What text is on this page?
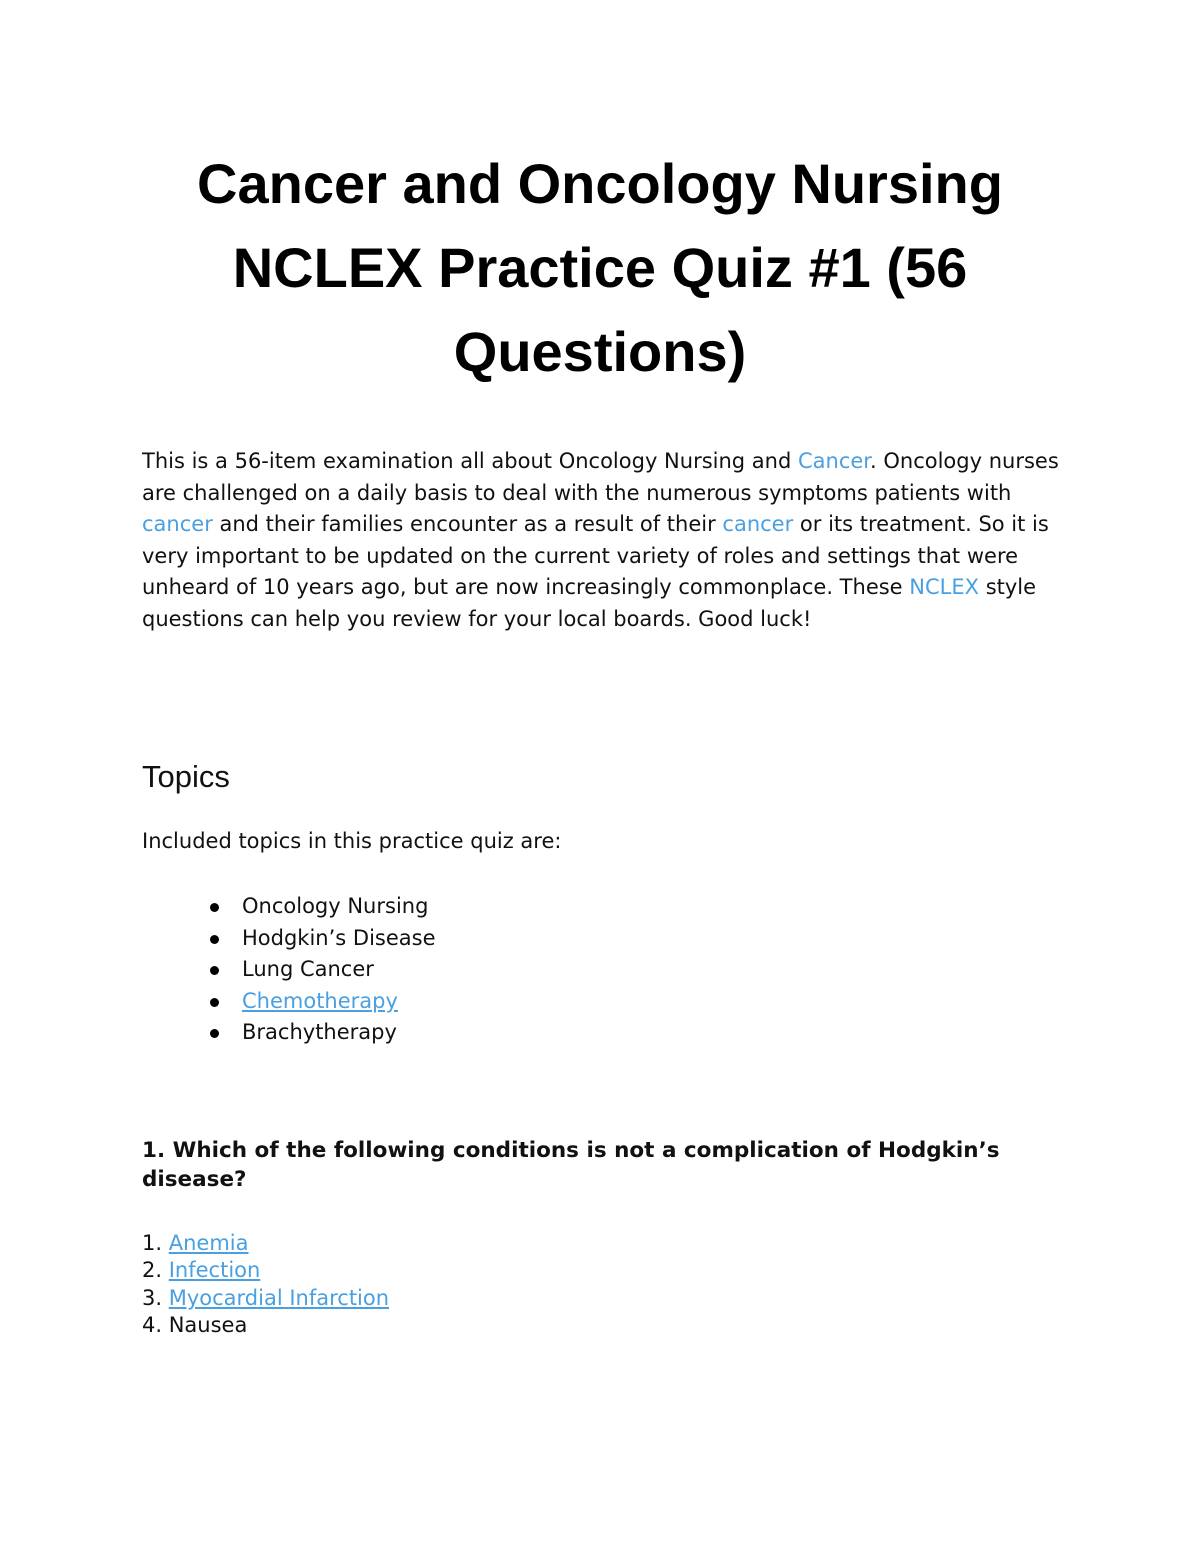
Cancer and Oncology Nursing
NCLEX Practice Quiz #1 (56
Questions)

This is a 56-item examination all about Oncology Nursing and Cancer. Oncology nurses are challenged on a daily basis to deal with the numerous symptoms patients with cancer and their families encounter as a result of their cancer or its treatment. So it is very important to be updated on the current variety of roles and settings that were unheard of 10 years ago, but are now increasingly commonplace. These NCLEX style questions can help you review for your local boards. Good luck!

Topics

Included topics in this practice quiz are:

Oncology Nursing
Hodgkin’s Disease
Lung Cancer
Chemotherapy
Brachytherapy

1. Which of the following conditions is not a complication of Hodgkin’s disease?

1. Anemia
2. Infection
3. Myocardial Infarction
4. Nausea
